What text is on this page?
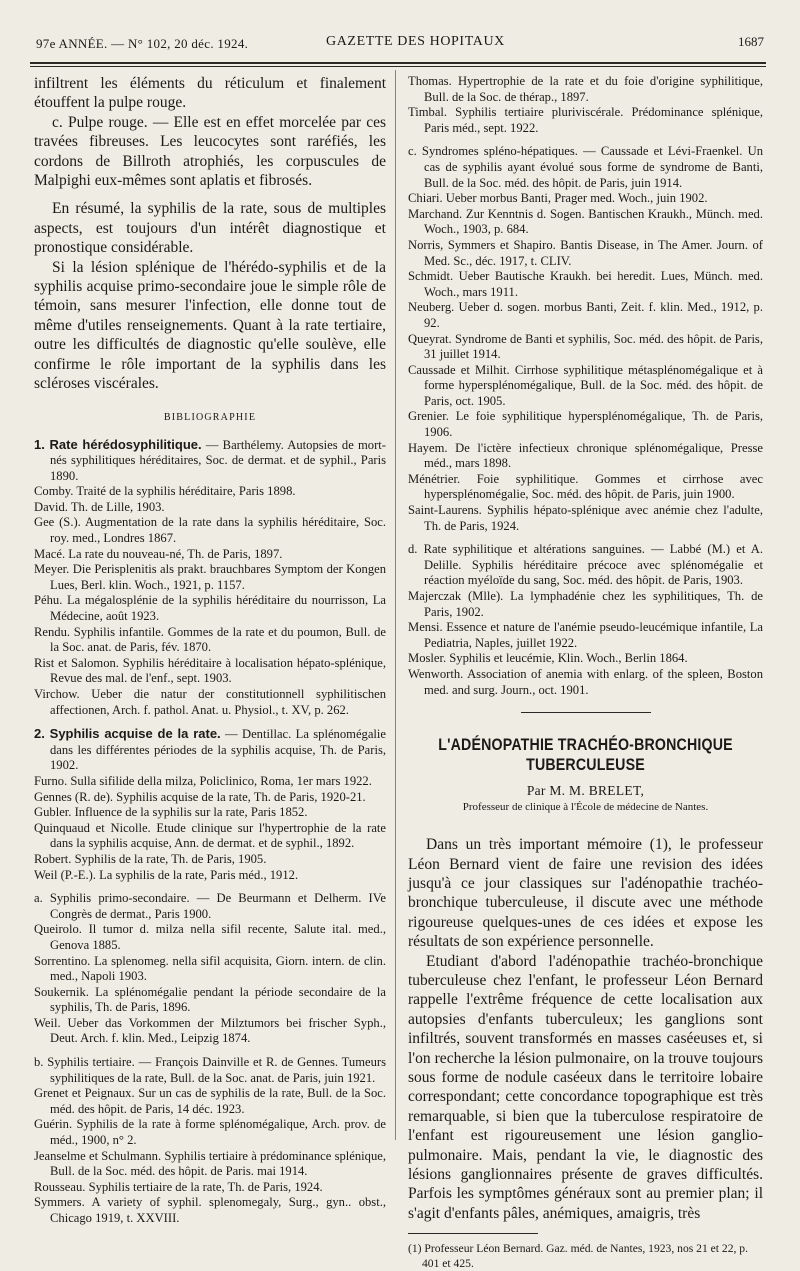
97e ANNÉE. — N° 102, 20 déc. 1924.	GAZETTE DES HOPITAUX	1687

infiltrent les éléments du réticulum et finalement étouffent la pulpe rouge.

c. Pulpe rouge. — Elle est en effet morcelée par ces travées fibreuses. Les leucocytes sont raréfiés, les cordons de Billroth atrophiés, les corpuscules de Malpighi eux-mêmes sont aplatis et fibrosés.

En résumé, la syphilis de la rate, sous de multiples aspects, est toujours d'un intérêt diagnostique et pronostique considérable.

Si la lésion splénique de l'hérédo-syphilis et de la syphilis acquise primo-secondaire joue le simple rôle de témoin, sans mesurer l'infection, elle donne tout de même d'utiles renseignements. Quant à la rate tertiaire, outre les difficultés de diagnostic qu'elle soulève, elle confirme le rôle important de la syphilis dans les scléroses viscérales.

BIBLIOGRAPHIE

1. Rate hérédosyphilitique. — Barthélemy. Autopsies de mort-nés syphilitiques héréditaires, Soc. de dermat. et de syphil., Paris 1890.

Comby. Traité de la syphilis héréditaire, Paris 1898.

David. Th. de Lille, 1903.

Gee (S.). Augmentation de la rate dans la syphilis héréditaire, Soc. roy. med., Londres 1867.

Macé. La rate du nouveau-né, Th. de Paris, 1897.

Meyer. Die Perisplenitis als prakt. brauchbares Symptom der Kongen Lues, Berl. klin. Woch., 1921, p. 1157.

Péhu. La mégalosplénie de la syphilis héréditaire du nourrisson, La Médecine, août 1923.

Rendu. Syphilis infantile. Gommes de la rate et du poumon, Bull. de la Soc. anat. de Paris, fév. 1870.

Rist et Salomon. Syphilis héréditaire à localisation hépato-splénique, Revue des mal. de l'enf., sept. 1903.

Virchow. Ueber die natur der constitutionnell syphilitischen affectionen, Arch. f. pathol. Anat. u. Physiol., t. XV, p. 262.

2. Syphilis acquise de la rate. — Dentillac. La splénomégalie dans les différentes périodes de la syphilis acquise, Th. de Paris, 1902.

Furno. Sulla sifilide della milza, Policlinico, Roma, 1er mars 1922.

Gennes (R. de). Syphilis acquise de la rate, Th. de Paris, 1920-21.

Gubler. Influence de la syphilis sur la rate, Paris 1852.

Quinquaud et Nicolle. Etude clinique sur l'hypertrophie de la rate dans la syphilis acquise, Ann. de dermat. et de syphil., 1892.

Robert. Syphilis de la rate, Th. de Paris, 1905.

Weil (P.-E.). La syphilis de la rate, Paris méd., 1912.

a. Syphilis primo-secondaire. — De Beurmann et Delherm. IVe Congrès de dermat., Paris 1900.

Queirolo. Il tumor d. milza nella sifil recente, Salute ital. med., Genova 1885.

Sorrentino. La splenomeg. nella sifil acquisita, Giorn. intern. de clin. med., Napoli 1903.

Soukernik. La splénomégalie pendant la période secondaire de la syphilis, Th. de Paris, 1896.

Weil. Ueber das Vorkommen der Milztumors bei frischer Syph., Deut. Arch. f. klin. Med., Leipzig 1874.

b. Syphilis tertiaire. — François Dainville et R. de Gennes. Tumeurs syphilitiques de la rate, Bull. de la Soc. anat. de Paris, juin 1921.

Grenet et Peignaux. Sur un cas de syphilis de la rate, Bull. de la Soc. méd. des hôpit. de Paris, 14 déc. 1923.

Guérin. Syphilis de la rate à forme splénomégalique, Arch. prov. de méd., 1900, n° 2.

Jeanselme et Schulmann. Syphilis tertiaire à prédominance splénique, Bull. de la Soc. méd. des hôpit. de Paris. mai 1914.

Rousseau. Syphilis tertiaire de la rate, Th. de Paris, 1924.

Symmers. A variety of syphil. splenomegaly, Surg., gyn.. obst., Chicago 1919, t. XXVIII.

Thomas. Hypertrophie de la rate et du foie d'origine syphilitique, Bull. de la Soc. de thérap., 1897.

Timbal. Syphilis tertiaire pluriviscérale. Prédominance splénique, Paris méd., sept. 1922.

c. Syndromes spléno-hépatiques. — Caussade et Lévi-Fraenkel. Un cas de syphilis ayant évolué sous forme de syndrome de Banti, Bull. de la Soc. méd. des hôpit. de Paris, juin 1914.

Chiari. Ueber morbus Banti, Prager med. Woch., juin 1902.

Marchand. Zur Kenntnis d. Sogen. Bantischen Kraukh., Münch. med. Woch., 1903, p. 684.

Norris, Symmers et Shapiro. Bantis Disease, in The Amer. Journ. of Med. Sc., déc. 1917, t. CLIV.

Schmidt. Ueber Bautische Kraukh. bei heredit. Lues, Münch. med. Woch., mars 1911.

Neuberg. Ueber d. sogen. morbus Banti, Zeit. f. klin. Med., 1912, p. 92.

Queyrat. Syndrome de Banti et syphilis, Soc. méd. des hôpit. de Paris, 31 juillet 1914.

Caussade et Milhit. Cirrhose syphilitique métasplénomégalique et à forme hypersplénomégalique, Bull. de la Soc. méd. des hôpit. de Paris, oct. 1905.

Grenier. Le foie syphilitique hypersplénomégalique, Th. de Paris, 1906.

Hayem. De l'ictère infectieux chronique splénomégalique, Presse méd., mars 1898.

Ménétrier. Foie syphilitique. Gommes et cirrhose avec hypersplénomégalie, Soc. méd. des hôpit. de Paris, juin 1900.

Saint-Laurens. Syphilis hépato-splénique avec anémie chez l'adulte, Th. de Paris, 1924.

d. Rate syphilitique et altérations sanguines. — Labbé (M.) et A. Delille. Syphilis héréditaire précoce avec splénomégalie et réaction myéloïde du sang, Soc. méd. des hôpit. de Paris, 1903.

Majerczak (Mlle). La lymphadénie chez les syphilitiques, Th. de Paris, 1902.

Mensi. Essence et nature de l'anémie pseudo-leucémique infantile, La Pediatria, Naples, juillet 1922.

Mosler. Syphilis et leucémie, Klin. Woch., Berlin 1864.

Wenworth. Association of anemia with enlarg. of the spleen, Boston med. and surg. Journ., oct. 1901.

L'ADÉNOPATHIE TRACHÉO-BRONCHIQUE

TUBERCULEUSE

Par M. M. BRELET,

Professeur de clinique à l'École de médecine de Nantes.

Dans un très important mémoire (1), le professeur Léon Bernard vient de faire une revision des idées jusqu'à ce jour classiques sur l'adénopathie trachéo-bronchique tuberculeuse, il discute avec une méthode rigoureuse quelques-unes de ces idées et expose les résultats de son expérience personnelle.

Etudiant d'abord l'adénopathie trachéo-bronchique tuberculeuse chez l'enfant, le professeur Léon Bernard rappelle l'extrême fréquence de cette localisation aux autopsies d'enfants tuberculeux; les ganglions sont infiltrés, souvent transformés en masses caséeuses et, si l'on recherche la lésion pulmonaire, on la trouve toujours sous forme de nodule caséeux dans le territoire lobaire correspondant; cette concordance topographique est très remarquable, si bien que la tuberculose respiratoire de l'enfant est rigoureusement une lésion ganglio-pulmonaire. Mais, pendant la vie, le diagnostic des lésions ganglionnaires présente de graves difficultés. Parfois les symptômes généraux sont au premier plan; il s'agit d'enfants pâles, anémiques, amaigris, très

(1) Professeur Léon Bernard. Gaz. méd. de Nantes, 1923, nos 21 et 22, p. 401 et 425.
